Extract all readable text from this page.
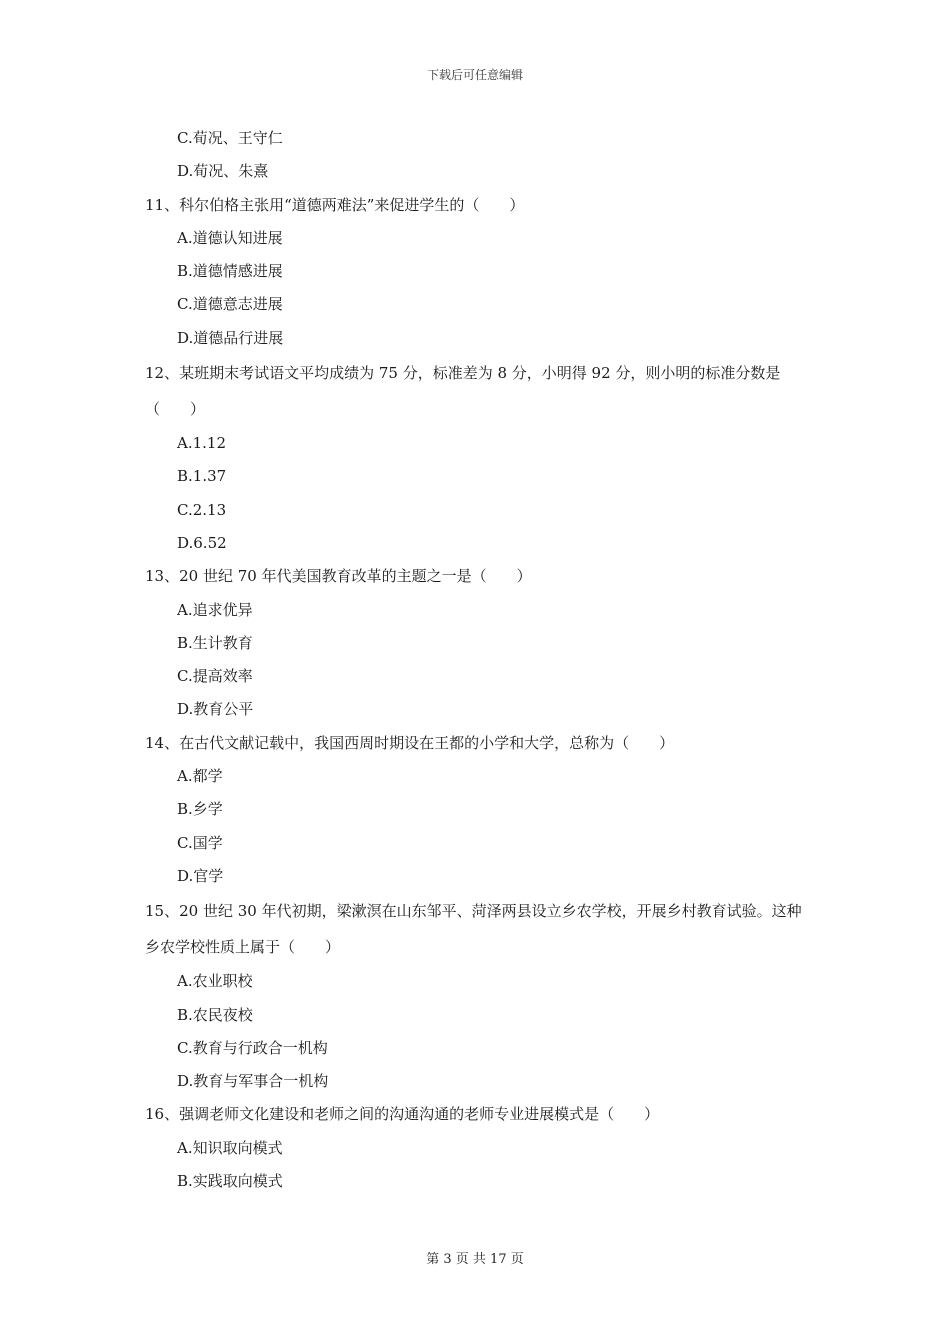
下载后可任意编辑
C.荀况、王守仁
D.荀况、朱熹
11、科尔伯格主张用“道德两难法”来促进学生的（　　）
A.道德认知进展
B.道德情感进展
C.道德意志进展
D.道德品行进展
12、某班期末考试语文平均成绩为 75 分，标准差为 8 分，小明得 92 分，则小明的标准分数是（　　）
A.1.12
B.1.37
C.2.13
D.6.52
13、20 世纪 70 年代美国教育改革的主题之一是（　　）
A.追求优异
B.生计教育
C.提高效率
D.教育公平
14、在古代文献记载中，我国西周时期设在王都的小学和大学，总称为（　　）
A.都学
B.乡学
C.国学
D.官学
15、20 世纪 30 年代初期，梁漱溟在山东邹平、菏泽两县设立乡农学校，开展乡村教育试验。这种乡农学校性质上属于（　　）
A.农业职校
B.农民夜校
C.教育与行政合一机构
D.教育与军事合一机构
16、强调老师文化建设和老师之间的沟通沟通的老师专业进展模式是（　　）
A.知识取向模式
B.实践取向模式
第 3 页 共 17 页
